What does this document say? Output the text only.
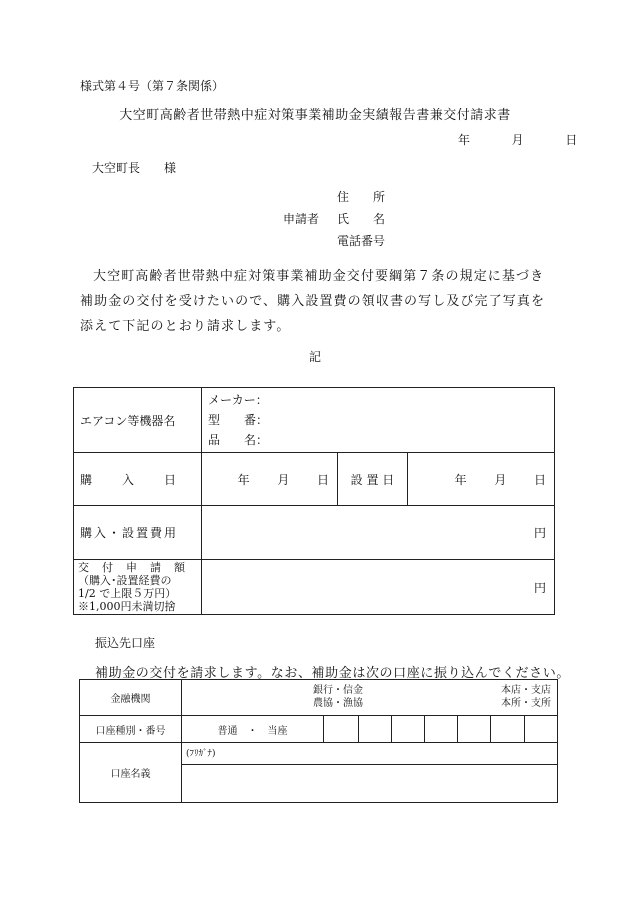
様式第４号（第７条関係）
大空町高齢者世帯熱中症対策事業補助金実績報告書兼交付請求書
年	月	日
大空町長　　様
住　　所
申請者 氏　　名
電話番号
大空町高齢者世帯熱中症対策事業補助金交付要綱第７条の規定に基づき補助金の交付を受けたいので、購入設置費の領収書の写し及び完了写真を添えて下記のとおり請求します。
記
エアコン等機器名	メーカー：
型　　番：
品　　名：		

購　　入　　日	年 月 日	設 置 日	年 月 日
購入・設置費用	円		

交　付　申　請　額
（購入･設置経費の
1/2 で上限５万円）
※1,000円未満切捨	円		
振込先口座
補助金の交付を請求します。なお、補助金は次の口座に振り込んでください。
金融機関	銀行・信金
農協・漁協
本店・支店
本所・支所							

口座種別・番号	普通　・　当座							
口座名義	(ﾌﾘｶﾞﾅ)							
